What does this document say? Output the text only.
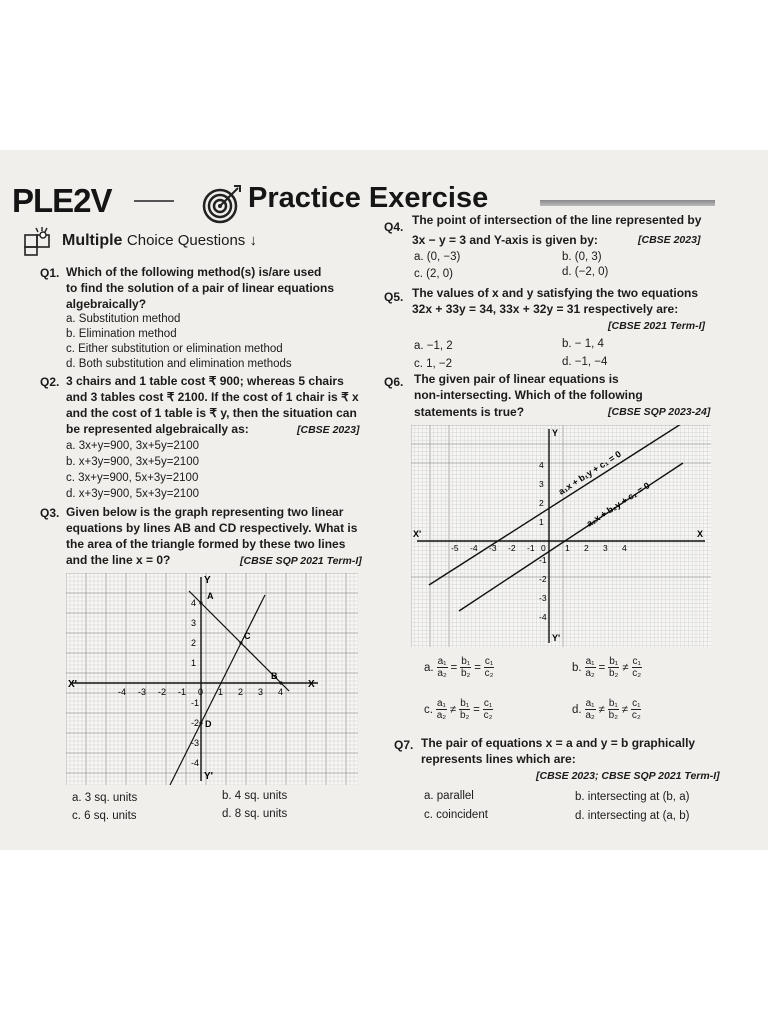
PLE2V	Practice Exercise
Multiple Choice Questions ↓
Q1. Which of the following method(s) is/are used
to find the solution of a pair of linear equations
algebraically?
a. Substitution method
b. Elimination method
c. Either substitution or elimination method
d. Both substitution and elimination methods
Q2. 3 chairs and 1 table cost ₹ 900; whereas 5 chairs
and 3 tables cost ₹ 2100. If the cost of 1 chair is ₹ x
and the cost of 1 table is ₹ y, then the situation can
be represented algebraically as:	[CBSE 2023]
a. 3x+y=900, 3x+5y=2100
b. x+3y=900, 3x+5y=2100
c. 3x+y=900, 5x+3y=2100
d. x+3y=900, 5x+3y=2100
Q3. Given below is the graph representing two linear
equations by lines AB and CD respectively. What is
the area of the triangle formed by these two lines
and the line x = 0?	[CBSE SQP 2021 Term-I]
X'	X
Y
Y'
-4 -3 -2 -1 0 1 2 3 4
4
3
2
1
-1
-2
-3
-4
A
B
C
D
a. 3 sq. units	b. 4 sq. units
c. 6 sq. units	d. 8 sq. units
Q4. The point of intersection of the line represented by
3x − y = 3 and Y-axis is given by:	[CBSE 2023]
a. (0, −3)	b. (0, 3)
c. (2, 0)	d. (−2, 0)
Q5. The values of x and y satisfying the two equations
32x + 33y = 34, 33x + 32y = 31 respectively are:
[CBSE 2021 Term-I]
a. −1, 2	b. − 1, 4
c. 1, −2	d. −1, −4
Q6. The given pair of linear equations is
non-intersecting. Which of the following
statements is true?	[CBSE SQP 2023-24]
X'	X
Y
Y'
0
-5 -4 -3 -2 -1	1 2 3 4
4
3
2
1
-1
-2
-3
-4
a₁x + b₁y + c₁ = 0
a₂x + b₂y + c₂ = 0
a. $\frac{\text{a₁}}{\text{a₂}} = \frac{\text{b₁}}{\text{b₂}} = \frac{\text{c₁}}{\text{c₂}}$	b. $\frac{\text{a₁}}{\text{a₂}} = \frac{\text{b₁}}{\text{b₂}} \ne \frac{\text{c₁}}{\text{c₂}}$
c. $\frac{\text{a₁}}{\text{a₂}} \ne \frac{\text{b₁}}{\text{b₂}} = \frac{\text{c₁}}{\text{c₂}}$	d. $\frac{\text{a₁}}{\text{a₂}} \ne \frac{\text{b₁}}{\text{b₂}} \ne \frac{\text{c₁}}{\text{c₂}}$
Q7. The pair of equations x = a and y = b graphically
represents lines which are:
[CBSE 2023; CBSE SQP 2021 Term-I]
a. parallel	b. intersecting at (b, a)
c. coincident	d. intersecting at (a, b)
